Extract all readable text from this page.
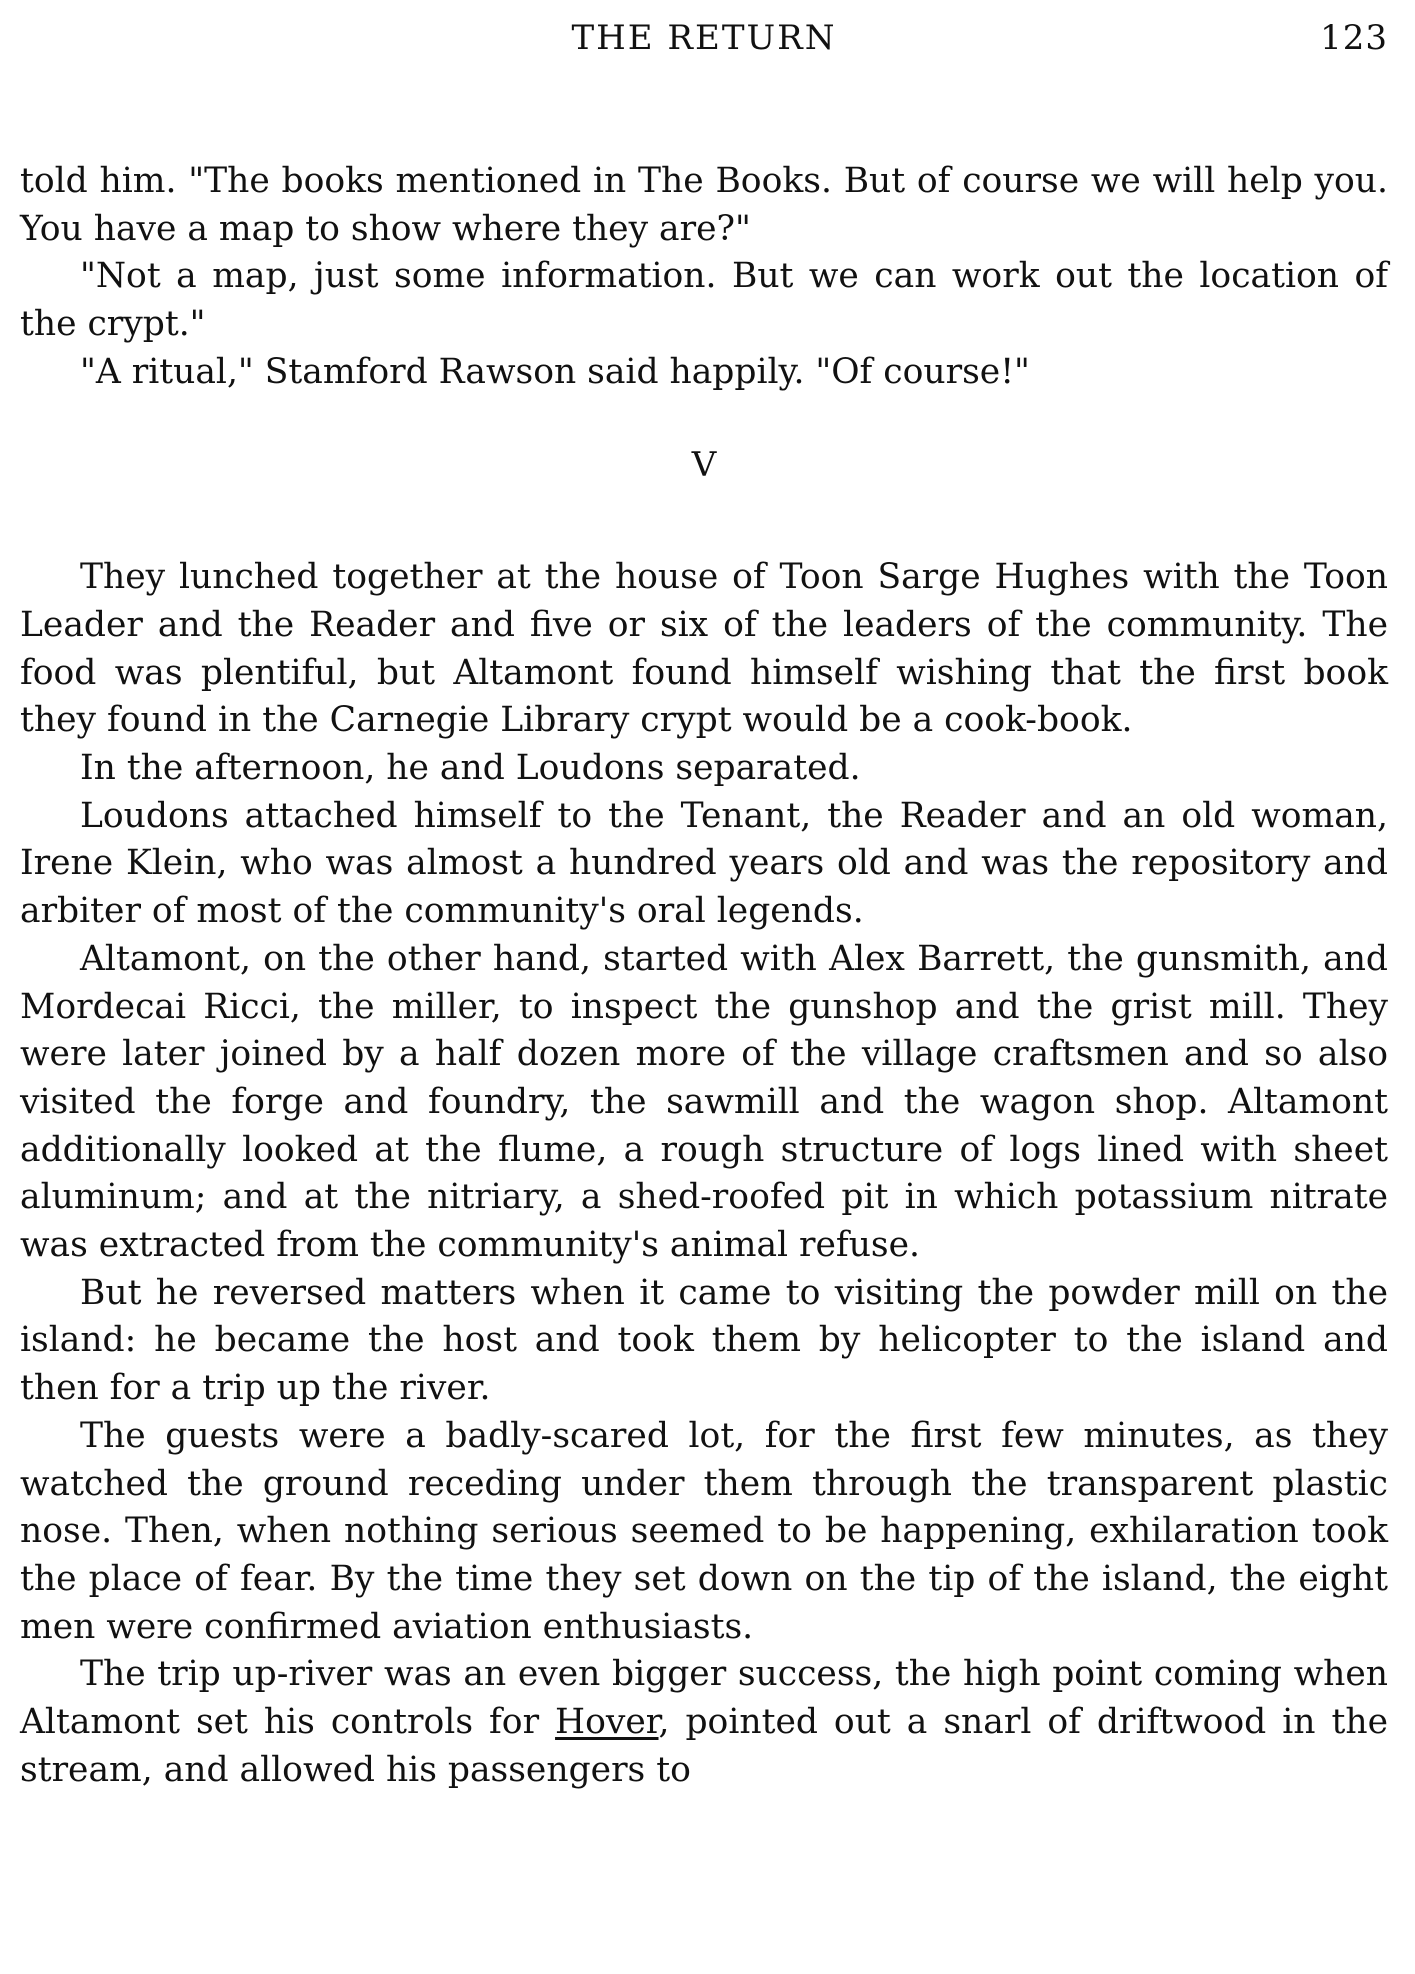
THE RETURN	123

told him. "The books mentioned in The Books. But of course we will help you. You have a map to show where they are?"

"Not a map, just some information. But we can work out the location of the crypt."

"A ritual," Stamford Rawson said happily. "Of course!"

V

They lunched together at the house of Toon Sarge Hughes with the Toon Leader and the Reader and five or six of the leaders of the community. The food was plentiful, but Altamont found himself wishing that the first book they found in the Carnegie Library crypt would be a cook-book.

In the afternoon, he and Loudons separated.

Loudons attached himself to the Tenant, the Reader and an old woman, Irene Klein, who was almost a hundred years old and was the repository and arbiter of most of the community's oral legends.

Altamont, on the other hand, started with Alex Barrett, the gunsmith, and Mordecai Ricci, the miller, to inspect the gunshop and the grist mill. They were later joined by a half dozen more of the village craftsmen and so also visited the forge and foundry, the sawmill and the wagon shop. Altamont additionally looked at the flume, a rough structure of logs lined with sheet aluminum; and at the nitriary, a shed-roofed pit in which potassium nitrate was extracted from the community's animal refuse.

But he reversed matters when it came to visiting the powder mill on the island: he became the host and took them by helicopter to the island and then for a trip up the river.

The guests were a badly-scared lot, for the first few minutes, as they watched the ground receding under them through the transparent plastic nose. Then, when nothing serious seemed to be happening, exhilaration took the place of fear. By the time they set down on the tip of the island, the eight men were confirmed aviation enthusiasts.

The trip up-river was an even bigger success, the high point coming when Altamont set his controls for Hover, pointed out a snarl of driftwood in the stream, and allowed his passengers to
